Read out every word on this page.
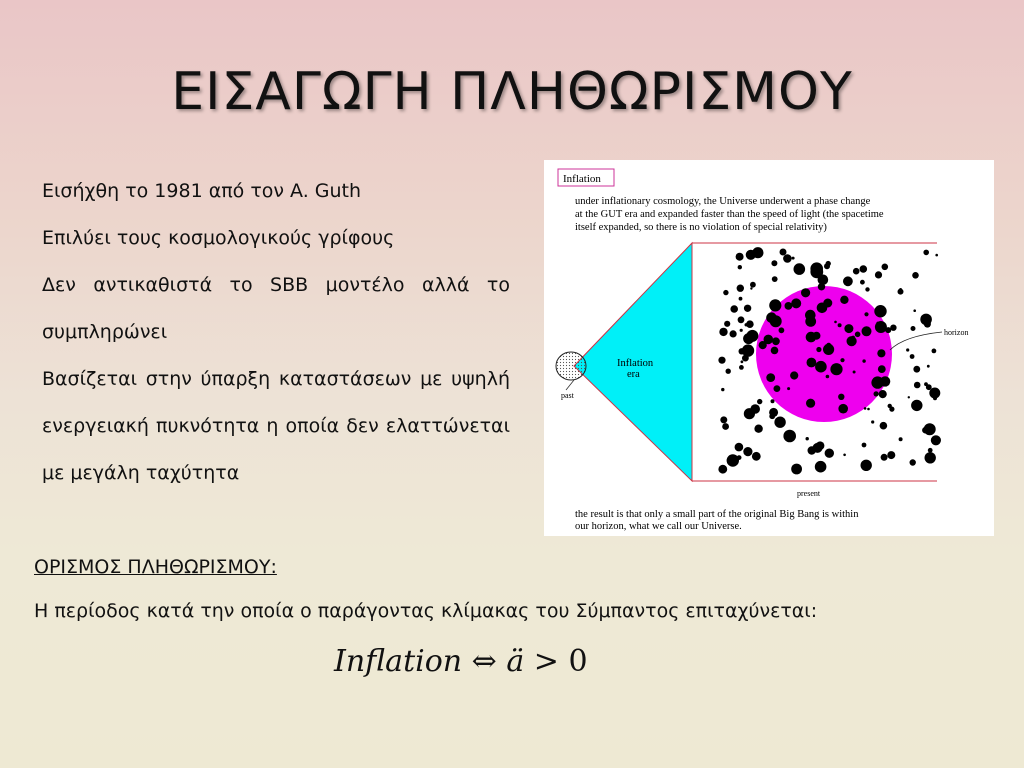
ΕΙΣΑΓΩΓΗ ΠΛΗΘΩΡΙΣΜΟΥ

Εισήχθη το 1981 από τον A. Guth

Επιλύει τους κοσμολογικούς γρίφους

Δεν αντικαθιστά το SBB μοντέλο αλλά το συμπληρώνει

Βασίζεται στην ύπαρξη καταστάσεων με υψηλή ενεργειακή πυκνότητα η οποία δεν ελαττώνεται με μεγάλη ταχύτητα

Inflation
under inflationary cosmology, the Universe underwent a phase change
at the GUT era and expanded faster than the speed of light (the spacetime
itself expanded, so there is no violation of special relativity)
past
Inflation
era
horizon
present
the result is that only a small part of the original Big Bang is within
our horizon, what we call our Universe.
ΟΡΙΣΜΟΣ ΠΛΗΘΩΡΙΣΜΟΥ:
Η περίοδος κατά την οποία ο παράγοντας κλίμακας του Σύμπαντος επιταχύνεται:
Inflation ⇔ ä > 0
